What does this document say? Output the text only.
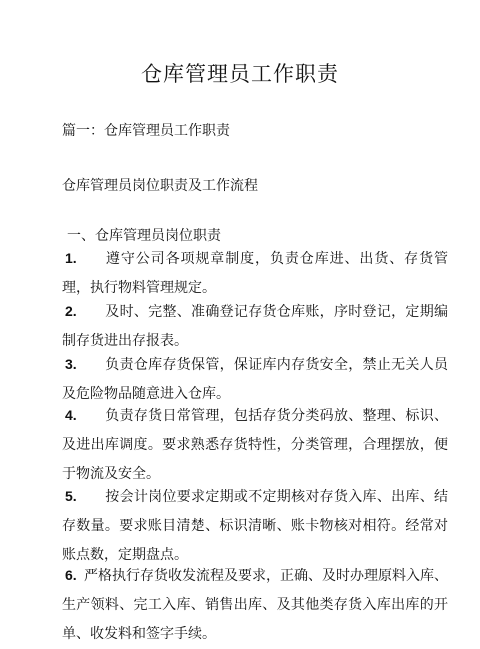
仓库管理员工作职责

篇一：仓库管理员工作职责

仓库管理员岗位职责及工作流程

一、仓库管理员岗位职责

1. 遵守公司各项规章制度，负责仓库进、出货、存货管理，执行物料管理规定。

2. 及时、完整、准确登记存货仓库账，序时登记，定期编制存货进出存报表。

3. 负责仓库存货保管，保证库内存货安全，禁止无关人员及危险物品随意进入仓库。

4. 负责存货日常管理，包括存货分类码放、整理、标识、及进出库调度。要求熟悉存货特性，分类管理，合理摆放，便于物流及安全。

5. 按会计岗位要求定期或不定期核对存货入库、出库、结存数量。要求账目清楚、标识清晰、账卡物核对相符。经常对账点数，定期盘点。

6. 严格执行存货收发流程及要求，正确、及时办理原料入库、生产领料、完工入库、销售出库、及其他类存货入库出库的开单、收发料和签字手续。
